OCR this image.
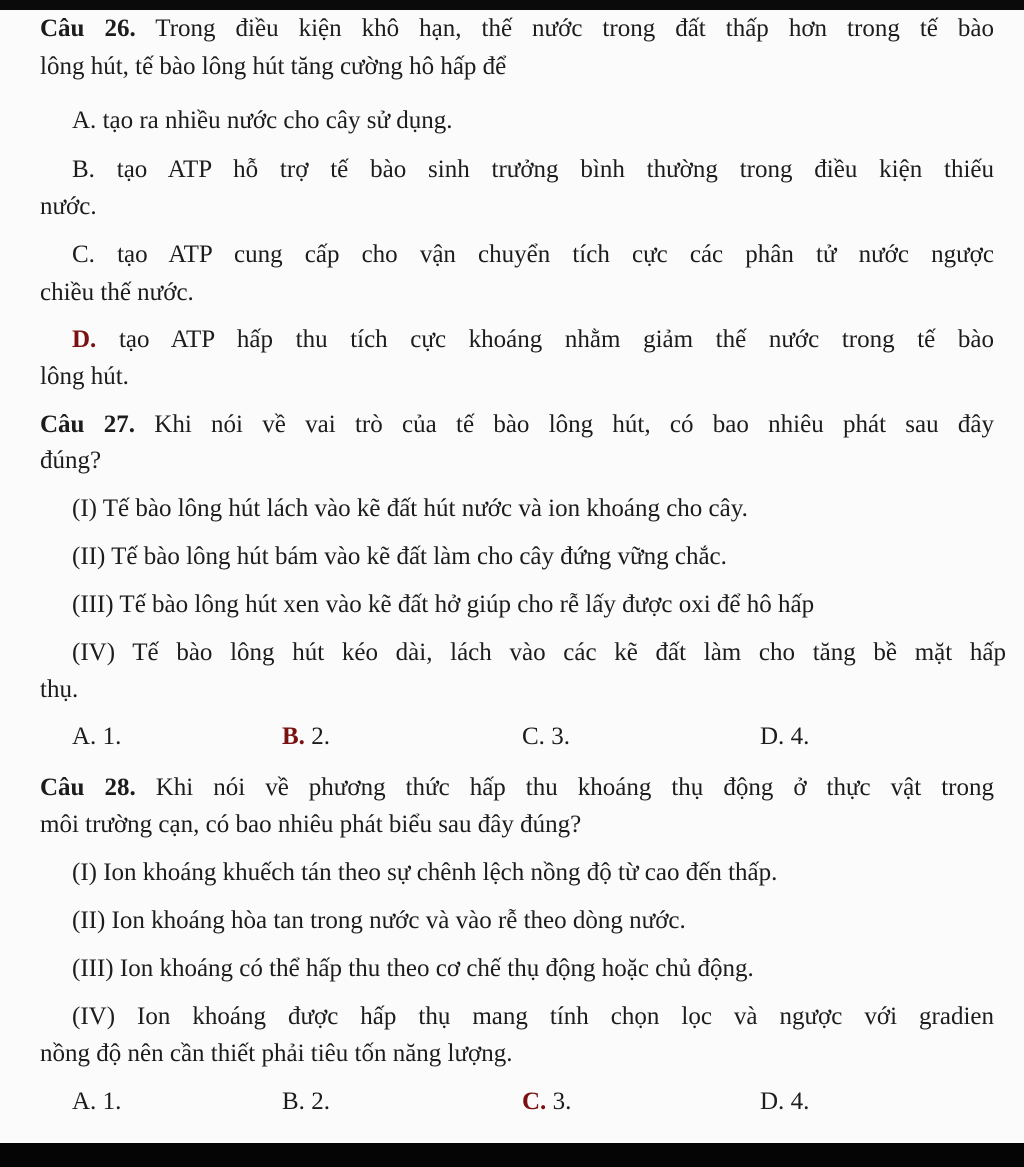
Câu 26. Trong điều kiện khô hạn, thế nước trong đất thấp hơn trong tế bào
lông hút, tế bào lông hút tăng cường hô hấp để
A. tạo ra nhiều nước cho cây sử dụng.
B. tạo ATP hỗ trợ tế bào sinh trưởng bình thường trong điều kiện thiếu
nước.
C. tạo ATP cung cấp cho vận chuyển tích cực các phân tử nước ngược
chiều thế nước.
D. tạo ATP hấp thu tích cực khoáng nhằm giảm thế nước trong tế bào
lông hút.
Câu 27. Khi nói về vai trò của tế bào lông hút, có bao nhiêu phát sau đây
đúng?
(I) Tế bào lông hút lách vào kẽ đất hút nước và ion khoáng cho cây.
(II) Tế bào lông hút bám vào kẽ đất làm cho cây đứng vững chắc.
(III) Tế bào lông hút xen vào kẽ đất hở giúp cho rễ lấy được oxi để hô hấp
(IV) Tế bào lông hút kéo dài, lách vào các kẽ đất làm cho tăng bề mặt hấp
thụ.
A. 1.	B. 2.	C. 3.	D. 4.
Câu 28. Khi nói về phương thức hấp thu khoáng thụ động ở thực vật trong
môi trường cạn, có bao nhiêu phát biểu sau đây đúng?
(I) Ion khoáng khuếch tán theo sự chênh lệch nồng độ từ cao đến thấp.
(II) Ion khoáng hòa tan trong nước và vào rễ theo dòng nước.
(III) Ion khoáng có thể hấp thu theo cơ chế thụ động hoặc chủ động.
(IV) Ion khoáng được hấp thụ mang tính chọn lọc và ngược với gradien
nồng độ nên cần thiết phải tiêu tốn năng lượng.
A. 1.	B. 2.	C. 3.	D. 4.
